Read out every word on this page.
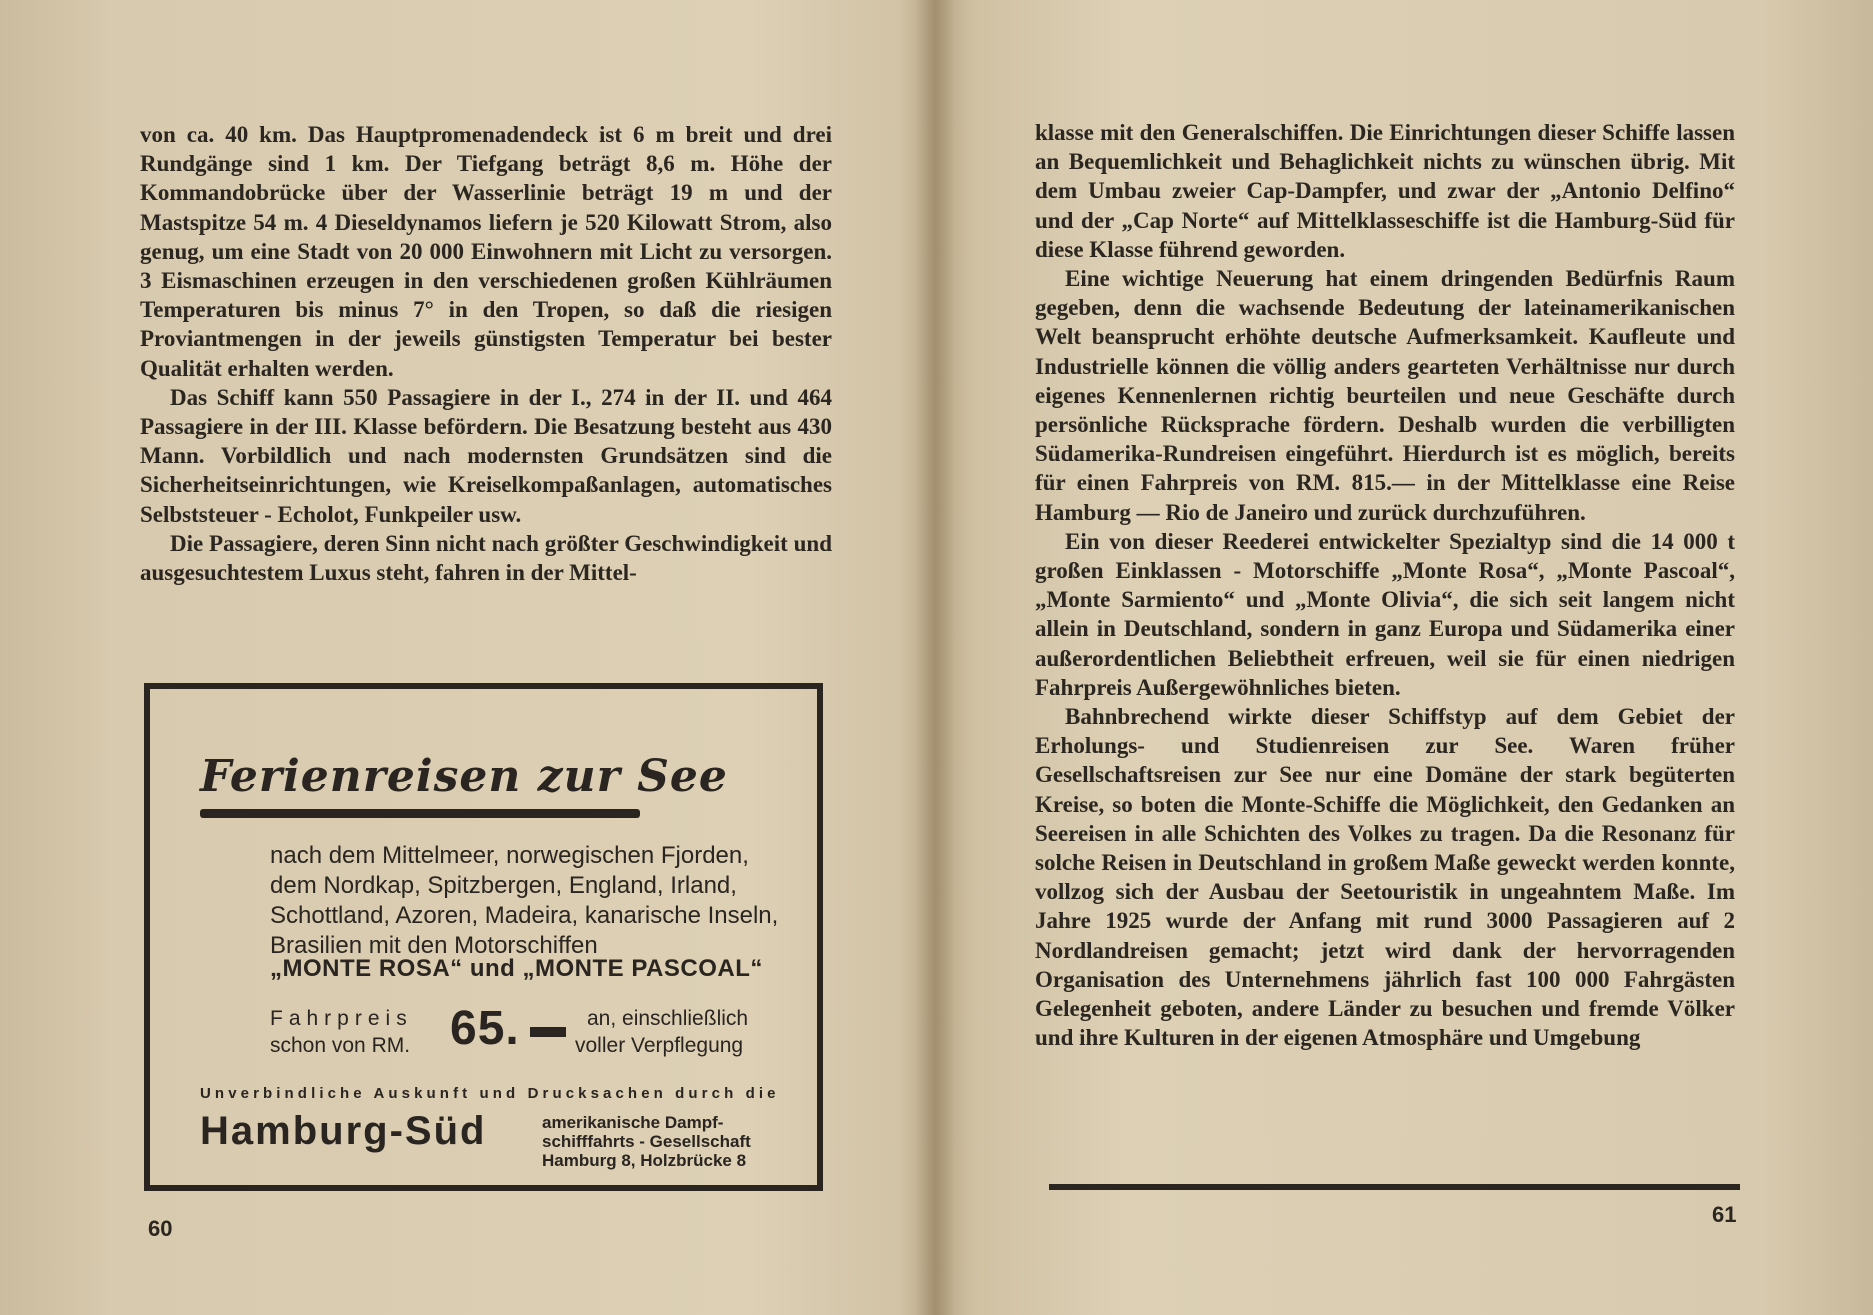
von ca. 40 km. Das Hauptpromenadendeck ist 6 m breit und drei Rundgänge sind 1 km. Der Tiefgang beträgt 8,6 m. Höhe der Kommandobrücke über der Wasserlinie beträgt 19 m und der Mastspitze 54 m. 4 Dieseldynamos liefern je 520 Kilowatt Strom, also genug, um eine Stadt von 20 000 Einwohnern mit Licht zu versorgen. 3 Eismaschinen erzeugen in den verschiedenen großen Kühlräumen Temperaturen bis minus 7° in den Tropen, so daß die riesigen Proviantmengen in der jeweils günstigsten Temperatur bei bester Qualität erhalten werden.

Das Schiff kann 550 Passagiere in der I., 274 in der II. und 464 Passagiere in der III. Klasse befördern. Die Besatzung besteht aus 430 Mann. Vorbildlich und nach modernsten Grundsätzen sind die Sicherheitseinrichtungen, wie Kreiselkompaßanlagen, automatisches Selbststeuer - Echolot, Funkpeiler usw.

Die Passagiere, deren Sinn nicht nach größter Geschwindigkeit und ausgesuchtestem Luxus steht, fahren in der Mittel-

Ferienreisen zur See
nach dem Mittelmeer, norwegischen Fjorden, dem Nordkap, Spitzbergen, England, Irland, Schottland, Azoren, Madeira, kanarische Inseln, Brasilien mit den Motorschiffen
„MONTE ROSA“ und „MONTE PASCOAL“
Fahrpreis
schon von RM. 65.	an, einschließlich
voller Verpflegung
Unverbindliche Auskunft und Drucksachen durch die
Hamburg-Süd	amerikanische Dampf-
schifffahrts - Gesellschaft
Hamburg 8, Holzbrücke 8
60

klasse mit den Generalschiffen. Die Einrichtungen dieser Schiffe lassen an Bequemlichkeit und Behaglichkeit nichts zu wünschen übrig. Mit dem Umbau zweier Cap-Dampfer, und zwar der „Antonio Delfino“ und der „Cap Norte“ auf Mittelklasseschiffe ist die Hamburg-Süd für diese Klasse führend geworden.

Eine wichtige Neuerung hat einem dringenden Bedürfnis Raum gegeben, denn die wachsende Bedeutung der lateinamerikanischen Welt beansprucht erhöhte deutsche Aufmerksamkeit. Kaufleute und Industrielle können die völlig anders gearteten Verhältnisse nur durch eigenes Kennenlernen richtig beurteilen und neue Geschäfte durch persönliche Rücksprache fördern. Deshalb wurden die verbilligten Südamerika-Rundreisen eingeführt. Hierdurch ist es möglich, bereits für einen Fahrpreis von RM. 815.— in der Mittelklasse eine Reise Hamburg — Rio de Janeiro und zurück durchzuführen.

Ein von dieser Reederei entwickelter Spezialtyp sind die 14 000 t großen Einklassen - Motorschiffe „Monte Rosa“, „Monte Pascoal“, „Monte Sarmiento“ und „Monte Olivia“, die sich seit langem nicht allein in Deutschland, sondern in ganz Europa und Südamerika einer außerordentlichen Beliebtheit erfreuen, weil sie für einen niedrigen Fahrpreis Außergewöhnliches bieten.

Bahnbrechend wirkte dieser Schiffstyp auf dem Gebiet der Erholungs- und Studienreisen zur See. Waren früher Gesellschaftsreisen zur See nur eine Domäne der stark begüterten Kreise, so boten die Monte-Schiffe die Möglichkeit, den Gedanken an Seereisen in alle Schichten des Volkes zu tragen. Da die Resonanz für solche Reisen in Deutschland in großem Maße geweckt werden konnte, vollzog sich der Ausbau der Seetouristik in ungeahntem Maße. Im Jahre 1925 wurde der Anfang mit rund 3000 Passagieren auf 2 Nordlandreisen gemacht; jetzt wird dank der hervorragenden Organisation des Unternehmens jährlich fast 100 000 Fahrgästen Gelegenheit geboten, andere Länder zu besuchen und fremde Völker und ihre Kulturen in der eigenen Atmosphäre und Umgebung

61
